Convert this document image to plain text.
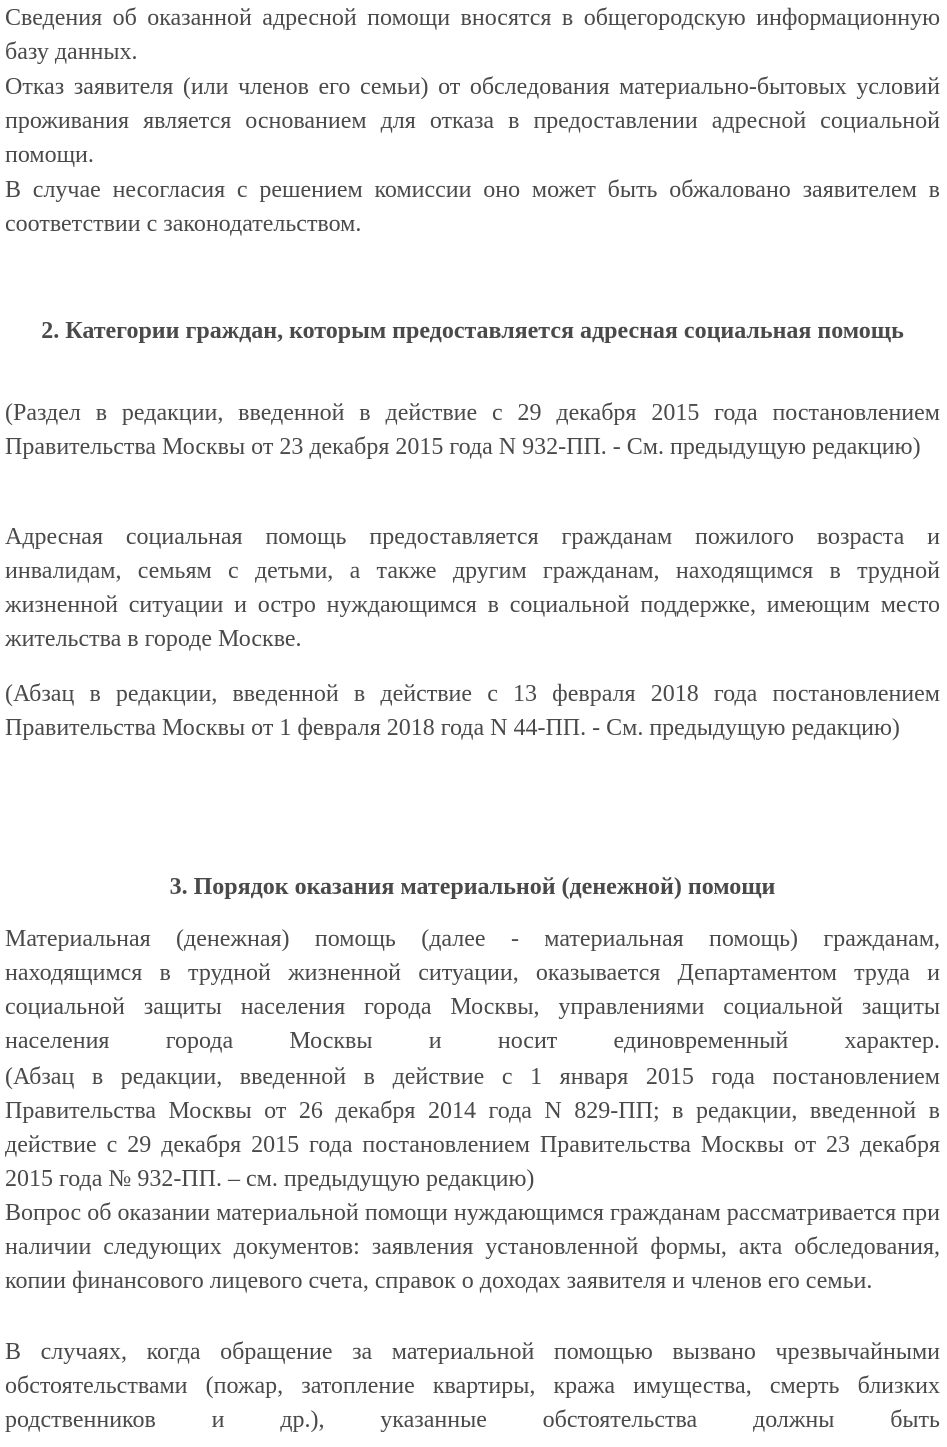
Сведения об оказанной адресной помощи вносятся в общегородскую информационную базу данных.

Отказ заявителя (или членов его семьи) от обследования материально-бытовых условий проживания является основанием для отказа в предоставлении адресной социальной помощи.

В случае несогласия с решением комиссии оно может быть обжаловано заявителем в соответствии с законодательством.

2. Категории граждан, которым предоставляется адресная социальная помощь

(Раздел в редакции, введенной в действие с 29 декабря 2015 года постановлением Правительства Москвы от 23 декабря 2015 года N 932-ПП. - См. предыдущую редакцию)

Адресная социальная помощь предоставляется гражданам пожилого возраста и инвалидам, семьям с детьми, а также другим гражданам, находящимся в трудной жизненной ситуации и остро нуждающимся в социальной поддержке, имеющим место жительства в городе Москве.

(Абзац в редакции, введенной в действие с 13 февраля 2018 года постановлением Правительства Москвы от 1 февраля 2018 года N 44-ПП. - См. предыдущую редакцию)

3. Порядок оказания материальной (денежной) помощи

Материальная (денежная) помощь (далее - материальная помощь) гражданам, находящимся в трудной жизненной ситуации, оказывается Департаментом труда и социальной защиты населения города Москвы, управлениями социальной защиты населения города Москвы и носит единовременный характер.

(Абзац в редакции, введенной в действие с 1 января 2015 года постановлением Правительства Москвы от 26 декабря 2014 года N 829-ПП; в редакции, введенной в действие с 29 декабря 2015 года постановлением Правительства Москвы от 23 декабря 2015 года № 932-ПП. – см. предыдущую редакцию)

Вопрос об оказании материальной помощи нуждающимся гражданам рассматривается при наличии следующих документов: заявления установленной формы, акта обследования, копии финансового лицевого счета, справок о доходах заявителя и членов его семьи.

В случаях, когда обращение за материальной помощью вызвано чрезвычайными обстоятельствами (пожар, затопление квартиры, кража имущества, смерть близких родственников и др.), указанные обстоятельства должны быть
